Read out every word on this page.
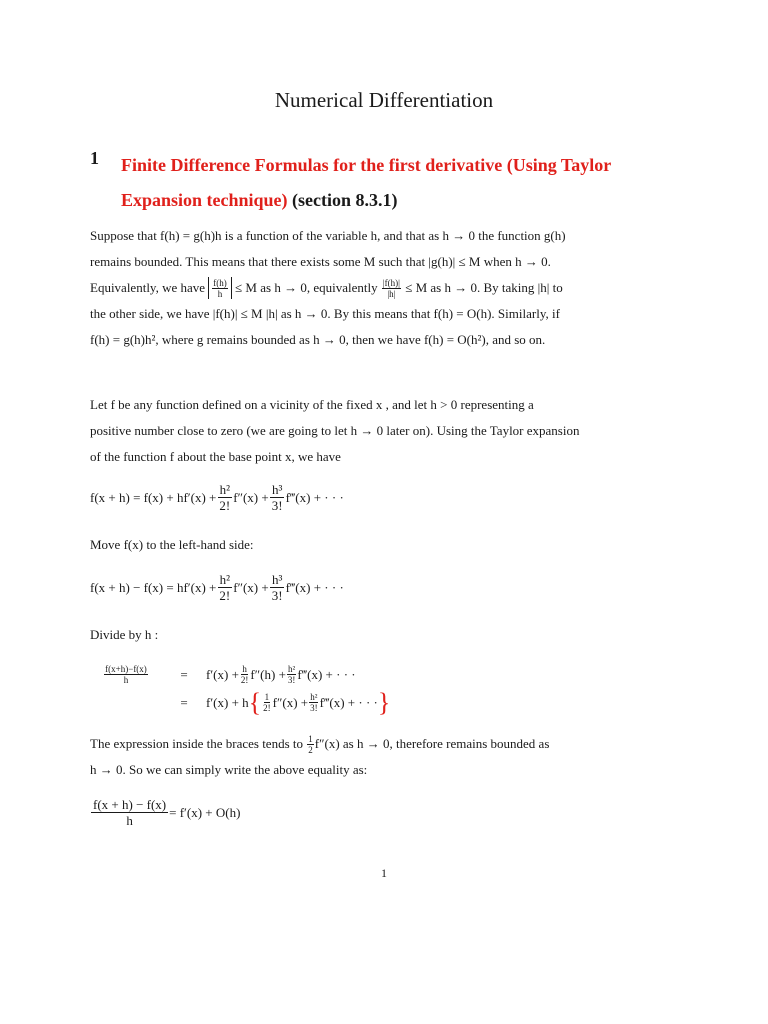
Numerical Differentiation
1 Finite Difference Formulas for the first derivative (Using Taylor Expansion technique) (section 8.3.1)
Suppose that f(h) = g(h)h is a function of the variable h, and that as h → 0 the function g(h)
remains bounded. This means that there exists some M such that |g(h)| ≤ M when h → 0.
Equivalently, we have
$\frac{f(h)}{h}$
≤ M as h → 0, equivalently
$\frac{|f(h)|}{|h|}$
≤ M as h → 0. By taking |h| to
the other side, we have |f(h)| ≤ M |h| as h → 0. By this means that f(h) = O(h). Similarly, if
f(h) = g(h)h², where g remains bounded as h → 0, then we have f(h) = O(h²), and so on.
Let f be any function defined on a vicinity of the fixed x , and let h > 0 representing a
positive number close to zero (we are going to let h → 0 later on). Using the Taylor expansion
of the function f about the base point x, we have
$f(x + h) = f(x) + hf'(x) + \frac{\text{h²}}{2!} f''(x) + \frac{\text{h³}}{3!}$ f‴(x) + · · ·
Move f(x) to the left-hand side:
$f(x + h) - f(x) = hf'(x) + \frac{\text{h²}}{2!} f''(x) + \frac{\text{h³}}{3!}$ f‴(x) + · · ·
Divide by h :
$\frac{f(x+h)-f(x)}{h}$	=	$f'(x) + \frac{h}{2!} f''(h) + \frac{\text{h²}}{3!}$ f‴(x) + · · ·
=	f′(x) + h { $\frac{1}{2!} f''(x) + \frac{\text{h²}}{3!}$ f‴(x) + · · · }
The expression inside the braces tends to
$\frac{1}{2} f''(x)$ as h → 0, therefore remains bounded as
h → 0. So we can simply write the above equality as:
$\frac{f(x + h) - f(x)}{h} = f'(x) + O(h)$
1
